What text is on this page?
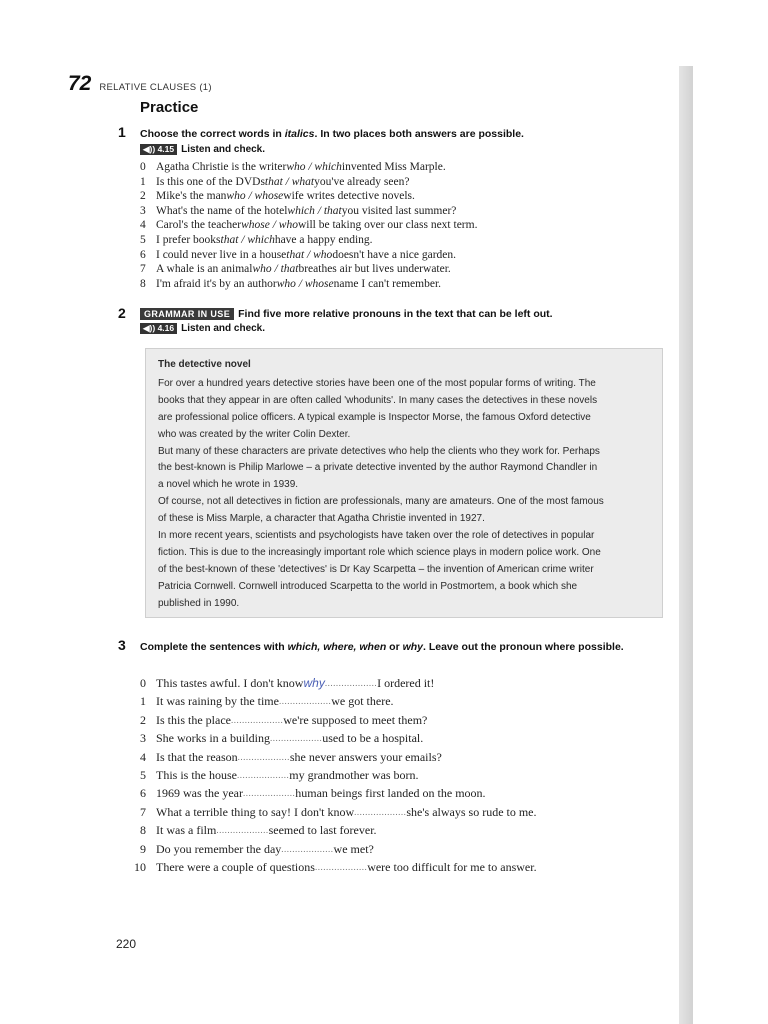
72 RELATIVE CLAUSES (1)
Practice
1 Choose the correct words in italics. In two places both answers are possible.
◀)) 4.15 Listen and check.
0 Agatha Christie is the writer who / which invented Miss Marple.
1 Is this one of the DVDs that / what you've already seen?
2 Mike's the man who / whose wife writes detective novels.
3 What's the name of the hotel which / that you visited last summer?
4 Carol's the teacher whose / who will be taking over our class next term.
5 I prefer books that / which have a happy ending.
6 I could never live in a house that / who doesn't have a nice garden.
7 A whale is an animal who / that breathes air but lives underwater.
8 I'm afraid it's by an author who / whose name I can't remember.
2	GRAMMAR IN USE Find five more relative pronouns in the text that can be left out.
◀)) 4.16 Listen and check.
The detective novel
For over a hundred years detective stories have been one of the most popular forms of writing. The
books that they appear in are often called 'whodunits'. In many cases the detectives in these novels
are professional police officers. A typical example is Inspector Morse, the famous Oxford detective
who was created by the writer Colin Dexter.
But many of these characters are private detectives who help the clients who they work for. Perhaps
the best-known is Philip Marlowe – a private detective invented by the author Raymond Chandler in
a novel which he wrote in 1939.
Of course, not all detectives in fiction are professionals, many are amateurs. One of the most famous
of these is Miss Marple, a character that Agatha Christie invented in 1927.
In more recent years, scientists and psychologists have taken over the role of detectives in popular
fiction. This is due to the increasingly important role which science plays in modern police work. One
of the best-known of these 'detectives' is Dr Kay Scarpetta – the invention of American crime writer
Patricia Cornwell. Cornwell introduced Scarpetta to the world in Postmortem, a book which she
published in 1990.
3 Complete the sentences with which, where, when or why. Leave out the pronoun where possible.
0 This tastes awful. I don't know why ................... I ordered it!
1 It was raining by the time ................... we got there.
2 Is this the place ................... we're supposed to meet them?
3 She works in a building ................... used to be a hospital.
4 Is that the reason ................... she never answers your emails?
5 This is the house ................... my grandmother was born.
6 1969 was the year ................... human beings first landed on the moon.
7 What a terrible thing to say! I don't know ................... she's always so rude to me.
8 It was a film ................... seemed to last forever.
9 Do you remember the day ................... we met?
10 There were a couple of questions ................... were too difficult for me to answer.
220
